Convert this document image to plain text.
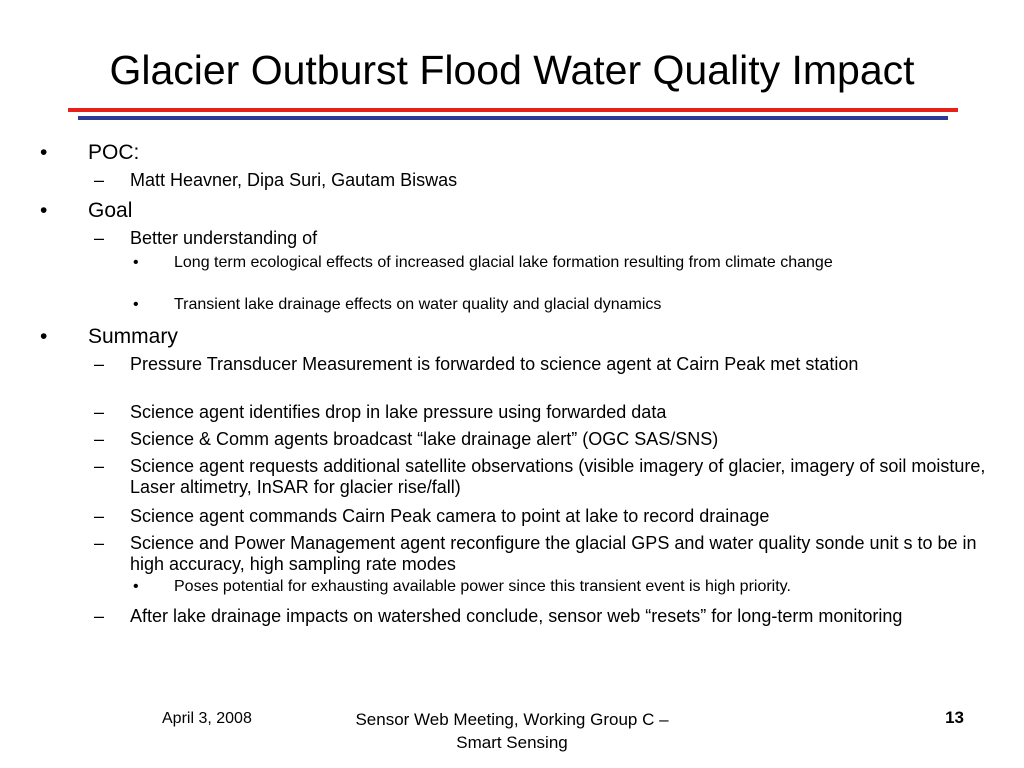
Glacier Outburst Flood Water Quality Impact
• POC:
– Matt Heavner, Dipa Suri, Gautam Biswas
• Goal
– Better understanding of
• Long term ecological effects of increased glacial lake formation resulting from climate change
• Transient lake drainage effects on water quality and glacial dynamics
• Summary
– Pressure Transducer Measurement is forwarded to science agent at Cairn Peak met station
– Science agent identifies drop in lake pressure using forwarded data
– Science & Comm agents broadcast “lake drainage alert” (OGC SAS/SNS)
– Science agent requests additional satellite observations (visible imagery of glacier, imagery of soil moisture, Laser altimetry, InSAR for glacier rise/fall)
– Science agent commands Cairn Peak camera to point at lake to record drainage
– Science and Power Management agent reconfigure the glacial GPS and water quality sonde unit s to be in high accuracy, high sampling rate modes
• Poses potential for exhausting available power since this transient event is high priority.
– After lake drainage impacts on watershed conclude, sensor web “resets” for long-term monitoring
April 3, 2008	Sensor Web Meeting, Working Group C –
Smart Sensing
13
